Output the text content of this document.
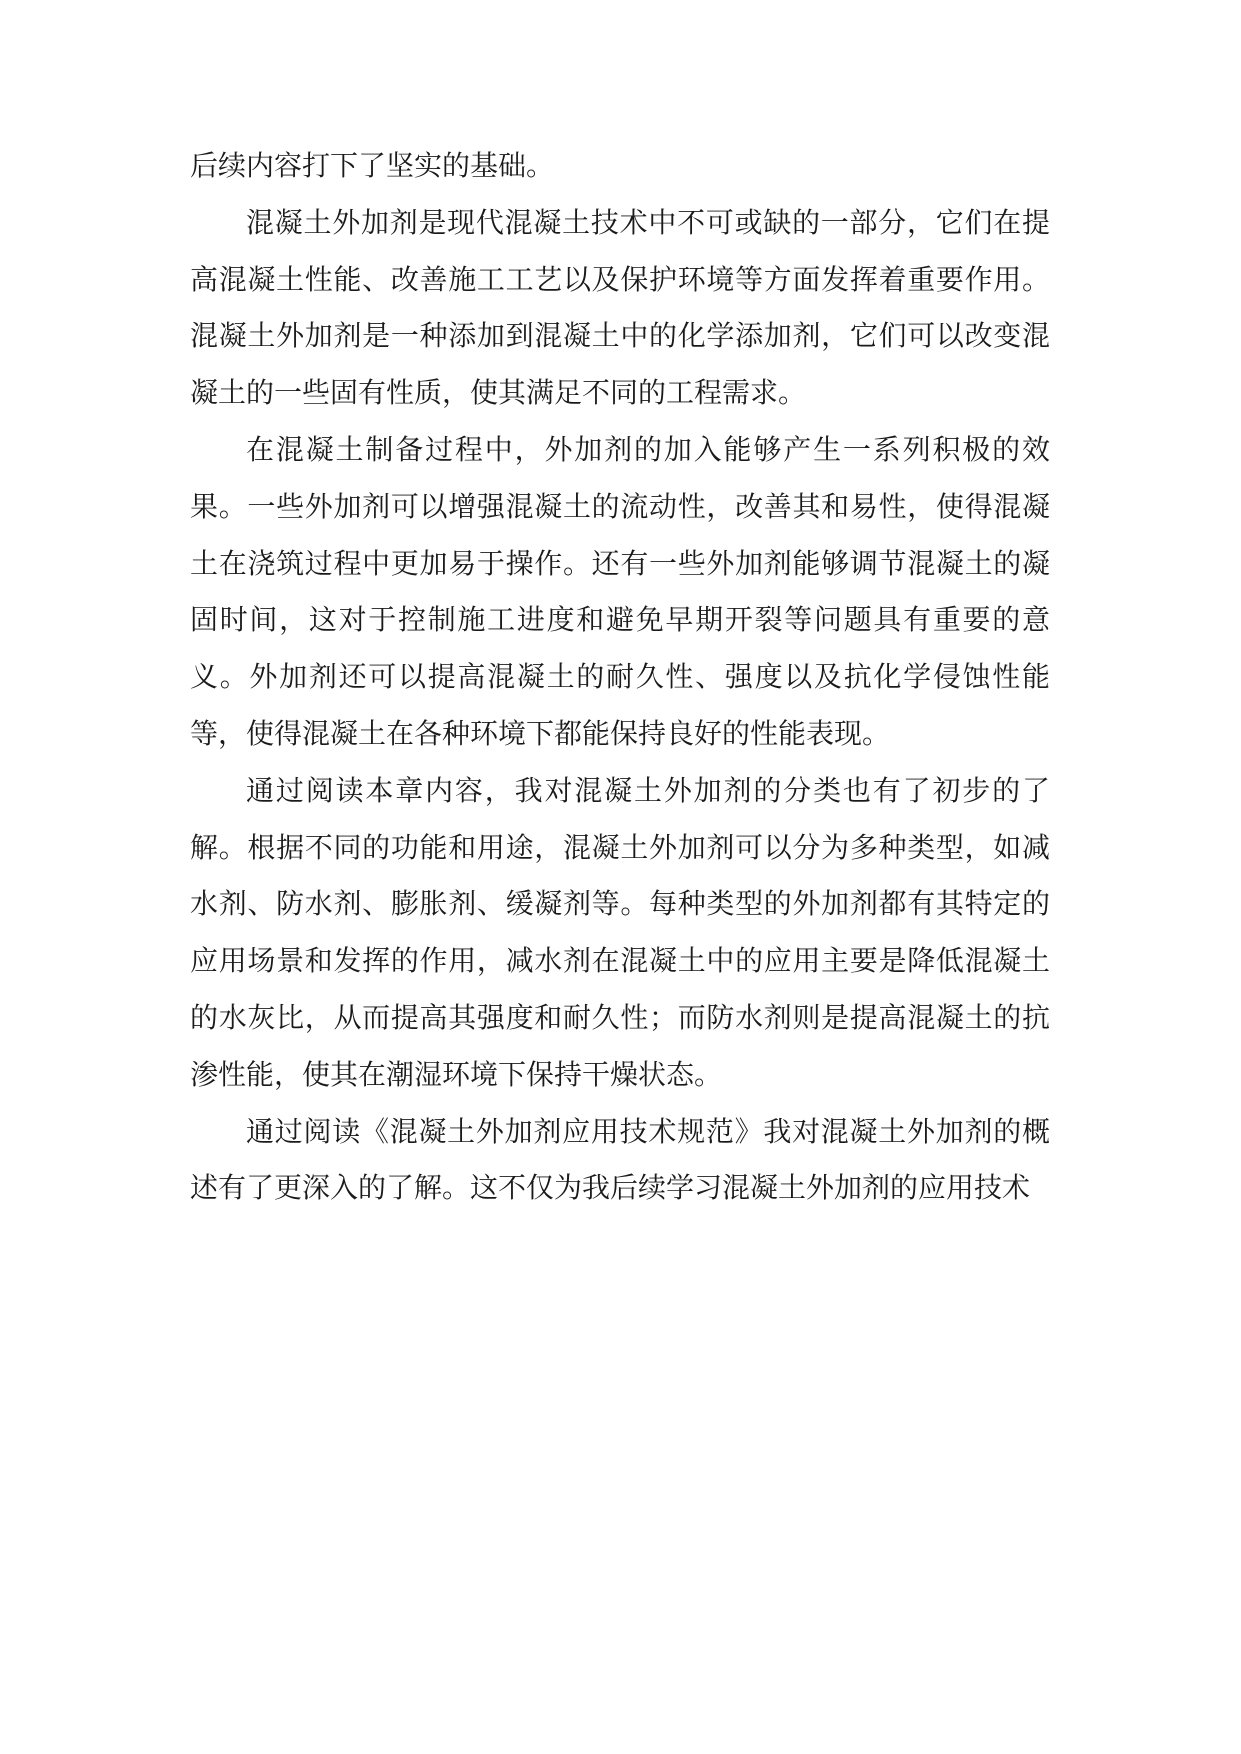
后续内容打下了坚实的基础。

混凝土外加剂是现代混凝土技术中不可或缺的一部分，它们在提高混凝土性能、改善施工工艺以及保护环境等方面发挥着重要作用。混凝土外加剂是一种添加到混凝土中的化学添加剂，它们可以改变混凝土的一些固有性质，使其满足不同的工程需求。

在混凝土制备过程中，外加剂的加入能够产生一系列积极的效果。一些外加剂可以增强混凝土的流动性，改善其和易性，使得混凝土在浇筑过程中更加易于操作。还有一些外加剂能够调节混凝土的凝固时间，这对于控制施工进度和避免早期开裂等问题具有重要的意义。外加剂还可以提高混凝土的耐久性、强度以及抗化学侵蚀性能等，使得混凝土在各种环境下都能保持良好的性能表现。

通过阅读本章内容，我对混凝土外加剂的分类也有了初步的了解。根据不同的功能和用途，混凝土外加剂可以分为多种类型，如减水剂、防水剂、膨胀剂、缓凝剂等。每种类型的外加剂都有其特定的应用场景和发挥的作用，减水剂在混凝土中的应用主要是降低混凝土的水灰比，从而提高其强度和耐久性；而防水剂则是提高混凝土的抗渗性能，使其在潮湿环境下保持干燥状态。

通过阅读《混凝土外加剂应用技术规范》我对混凝土外加剂的概述有了更深入的了解。这不仅为我后续学习混凝土外加剂的应用技术
